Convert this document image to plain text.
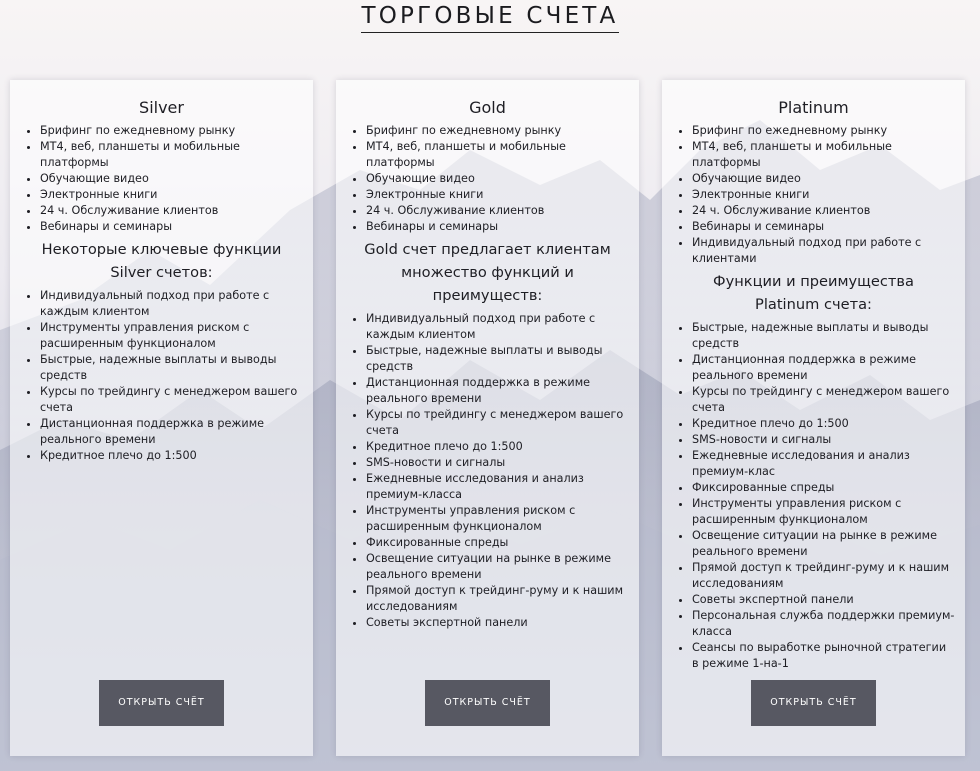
ТОРГОВЫЕ СЧЕТА
Silver
• Брифинг по ежедневному рынку
• MT4, веб, планшеты и мобильные платформы
• Обучающие видео
• Электронные книги
• 24 ч. Обслуживание клиентов
• Вебинары и семинары
Некоторые ключевые функции Silver счетов:
• Индивидуальный подход при работе с каждым клиентом
• Инструменты управления риском с расширенным функционалом
• Быстрые, надежные выплаты и выводы средств
• Курсы по трейдингу с менеджером вашего счета
• Дистанционная поддержка в режиме реального времени
• Кредитное плечо до 1:500
ОТКРЫТЬ СЧЁТ
Gold
• Брифинг по ежедневному рынку
• MT4, веб, планшеты и мобильные платформы
• Обучающие видео
• Электронные книги
• 24 ч. Обслуживание клиентов
• Вебинары и семинары
Gold счет предлагает клиентам множество функций и преимуществ:
• Индивидуальный подход при работе с каждым клиентом
• Быстрые, надежные выплаты и выводы средств
• Дистанционная поддержка в режиме реального времени
• Курсы по трейдингу с менеджером вашего счета
• Кредитное плечо до 1:500
• SMS-новости и сигналы
• Ежедневные исследования и анализ премиум-класса
• Инструменты управления риском с расширенным функционалом
• Фиксированные спреды
• Освещение ситуации на рынке в режиме реального времени
• Прямой доступ к трейдинг-руму и к нашим исследованиям
• Советы экспертной панели
ОТКРЫТЬ СЧЁТ
Platinum
• Брифинг по ежедневному рынку
• MT4, веб, планшеты и мобильные платформы
• Обучающие видео
• Электронные книги
• 24 ч. Обслуживание клиентов
• Вебинары и семинары
• Индивидуальный подход при работе с клиентами
Функции и преимущества Platinum счета:
• Быстрые, надежные выплаты и выводы средств
• Дистанционная поддержка в режиме реального времени
• Курсы по трейдингу с менеджером вашего счета
• Кредитное плечо до 1:500
• SMS-новости и сигналы
• Ежедневные исследования и анализ премиум-клас
• Фиксированные спреды
• Инструменты управления риском с расширенным функционалом
• Освещение ситуации на рынке в режиме реального времени
• Прямой доступ к трейдинг-руму и к нашим исследованиям
• Советы экспертной панели
• Персональная служба поддержки премиум-класса
• Сеансы по выработке рыночной стратегии в режиме 1-на-1
ОТКРЫТЬ СЧЁТ
